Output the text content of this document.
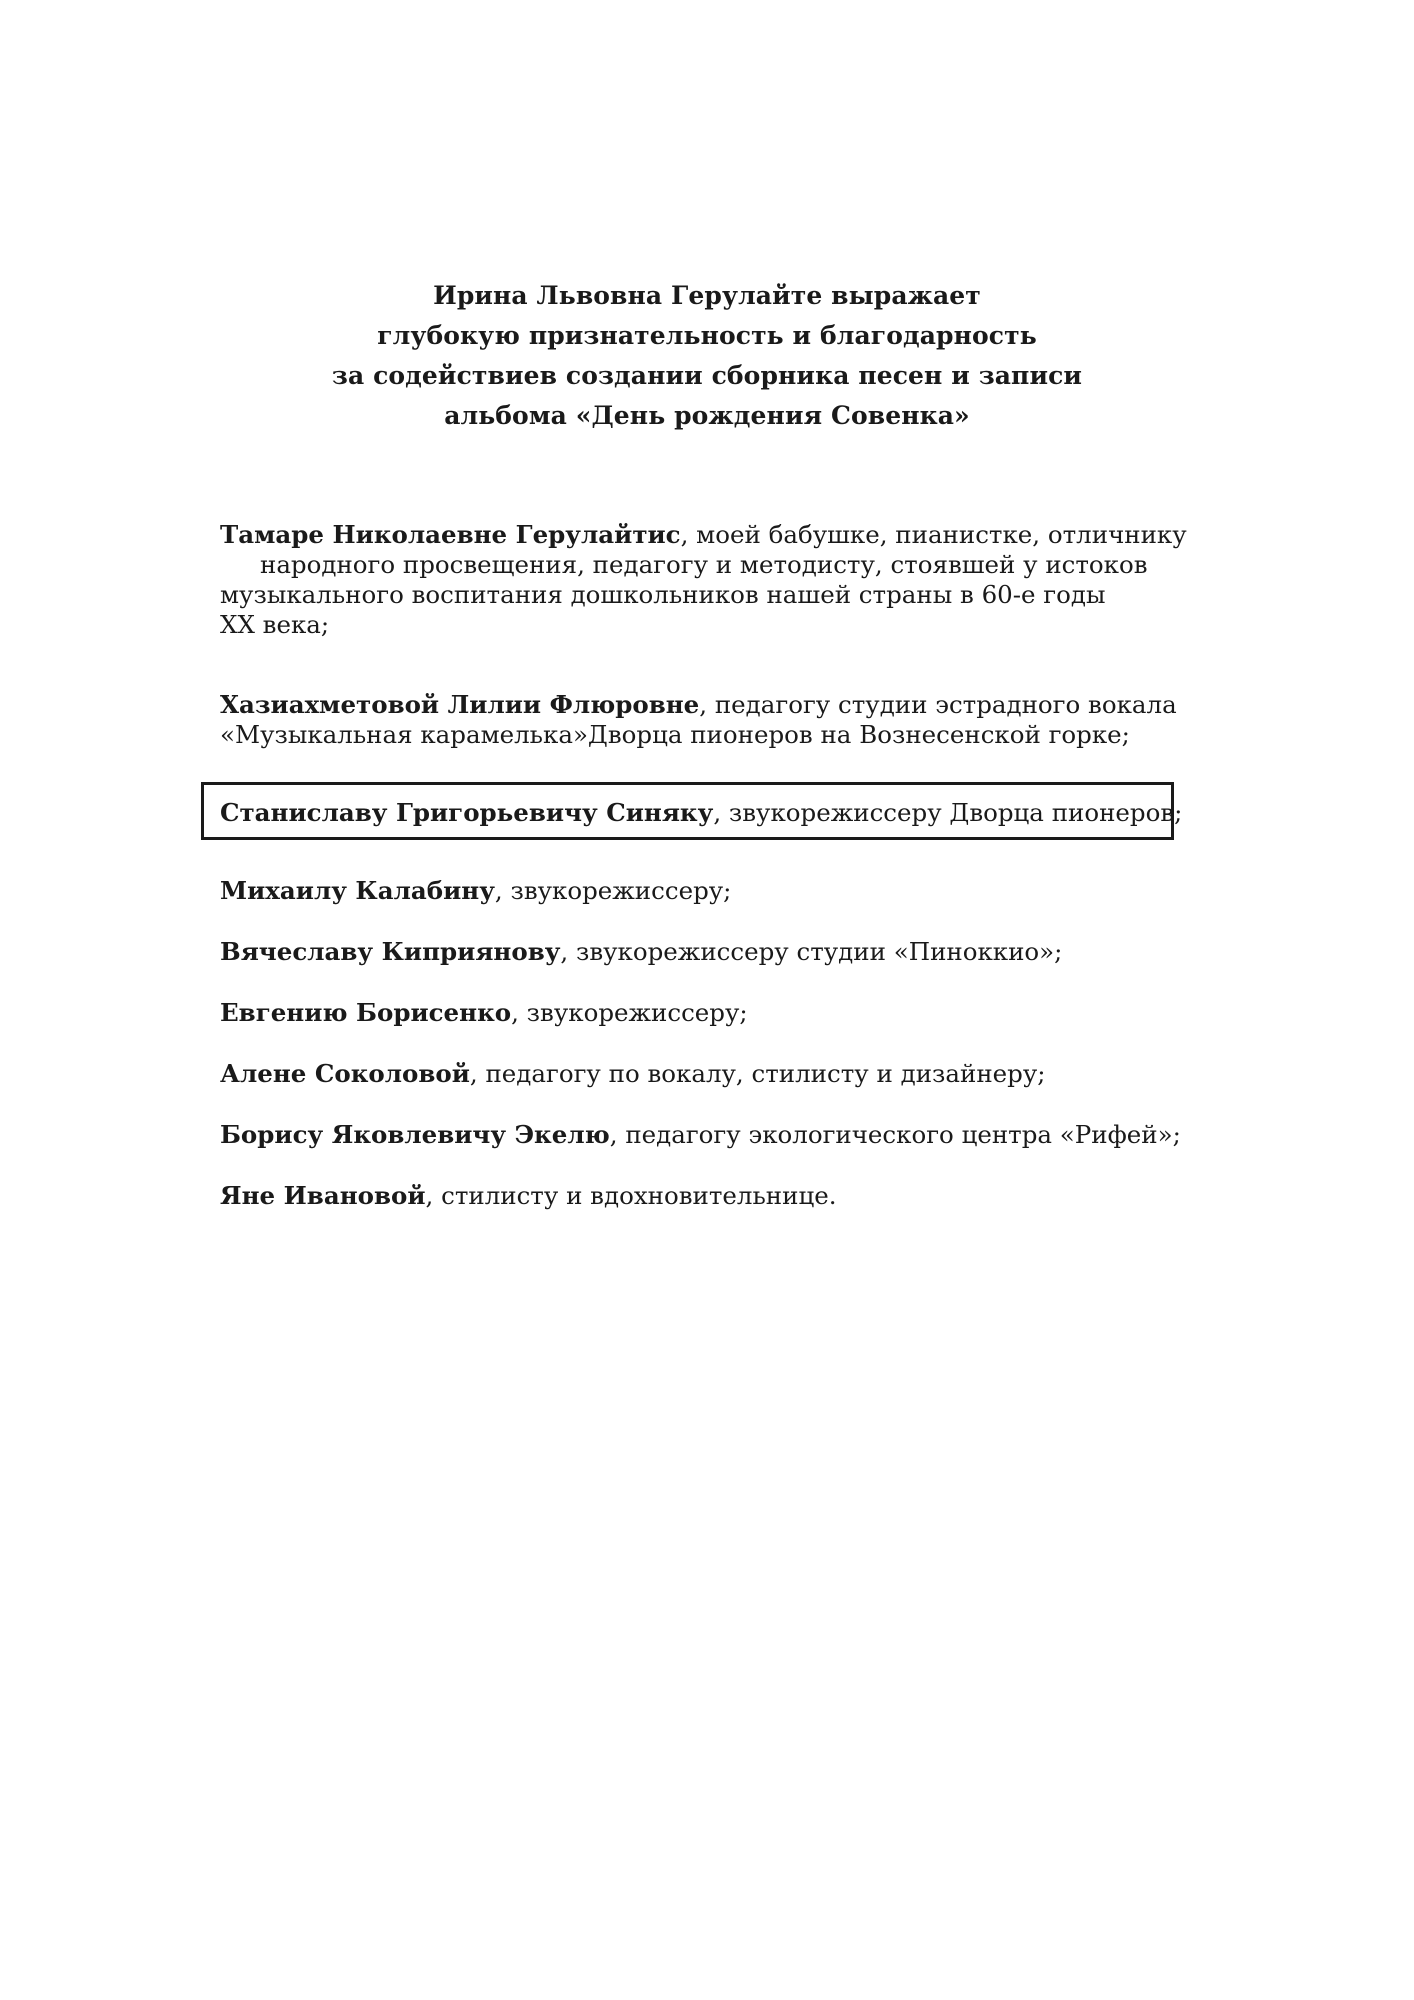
Ирина Львовна Герулайте выражает
глубокую признательность и благодарность
за содействиев создании сборника песен и записи
альбома «День рождения Совенка»
Тамаре Николаевне Герулайтис, моей бабушке, пианистке, отличнику
народного просвещения, педагогу и методисту, стоявшей у истоков
музыкального воспитания дошкольников нашей страны в 60-е годы
XX века;
Хазиахметовой Лилии Флюровне, педагогу студии эстрадного вокала
«Музыкальная карамелька»Дворца пионеров на Вознесенской горке;
Станиславу Григорьевичу Синяку, звукорежиссеру Дворца пионеров;
Михаилу Калабину, звукорежиссеру;
Вячеславу Киприянову, звукорежиссеру студии «Пиноккио»;
Евгению Борисенко, звукорежиссеру;
Алене Соколовой, педагогу по вокалу, стилисту и дизайнеру;
Борису Яковлевичу Экелю, педагогу экологического центра «Рифей»;
Яне Ивановой, стилисту и вдохновительнице.
